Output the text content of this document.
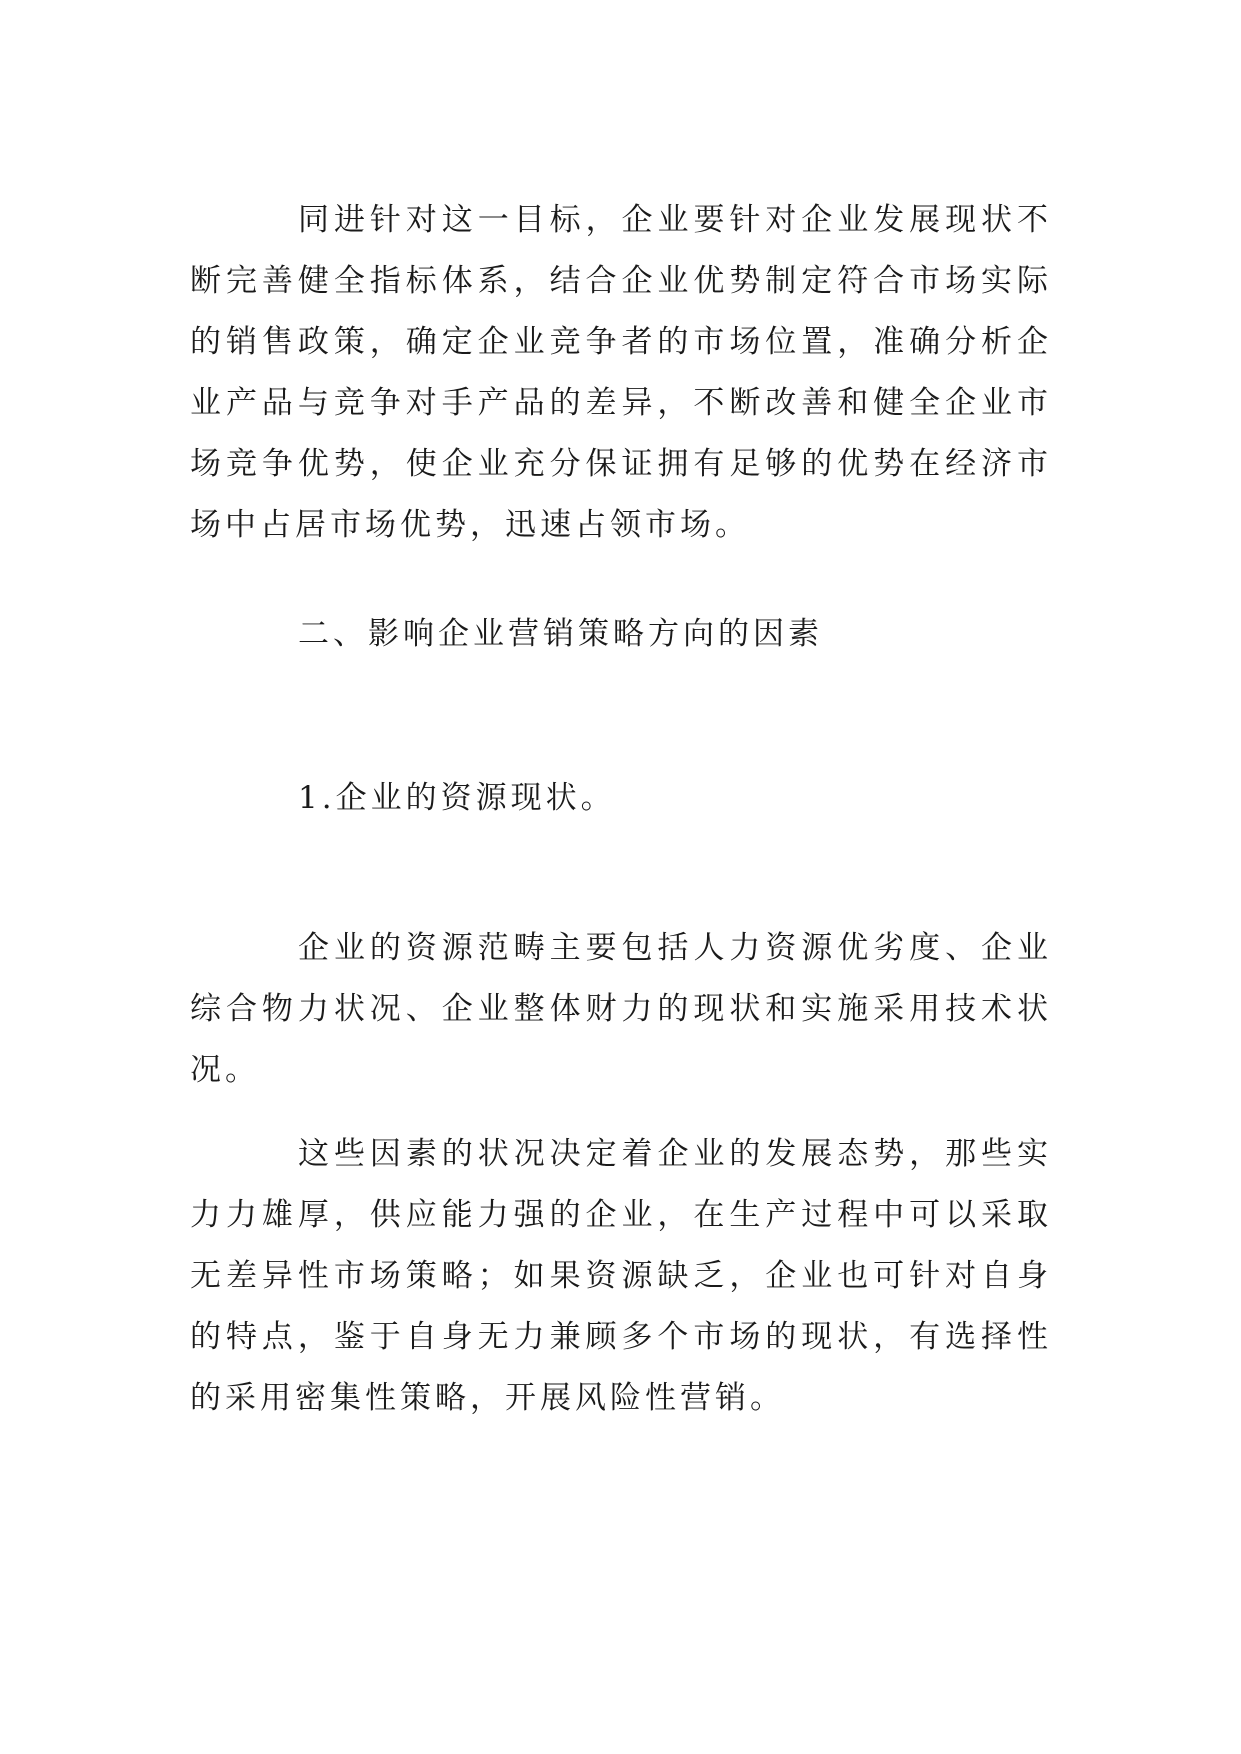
同进针对这一目标，企业要针对企业发展现状不断完善健全指标体系，结合企业优势制定符合市场实际的销售政策，确定企业竞争者的市场位置，准确分析企业产品与竞争对手产品的差异，不断改善和健全企业市场竞争优势，使企业充分保证拥有足够的优势在经济市场中占居市场优势，迅速占领市场。

二、影响企业营销策略方向的因素

1.企业的资源现状。

企业的资源范畴主要包括人力资源优劣度、企业综合物力状况、企业整体财力的现状和实施采用技术状况。

这些因素的状况决定着企业的发展态势，那些实力力雄厚，供应能力强的企业，在生产过程中可以采取无差异性市场策略；如果资源缺乏，企业也可针对自身的特点，鉴于自身无力兼顾多个市场的现状，有选择性的采用密集性策略，开展风险性营销。
